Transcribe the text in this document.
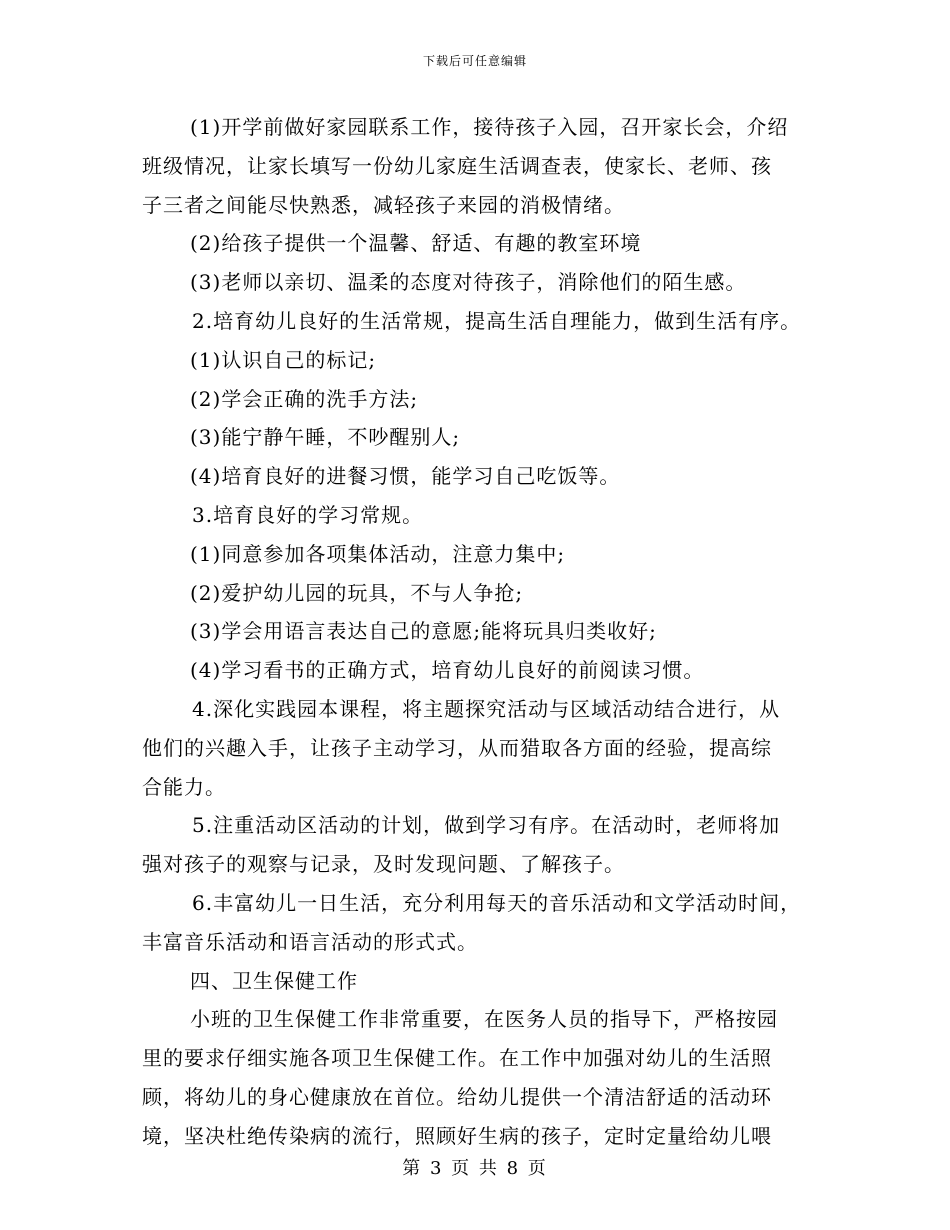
下载后可任意编辑
(1)开学前做好家园联系工作，接待孩子入园，召开家长会，介绍
班级情况，让家长填写一份幼儿家庭生活调查表，使家长、老师、孩
子三者之间能尽快熟悉，减轻孩子来园的消极情绪。
(2)给孩子提供一个温馨、舒适、有趣的教室环境
(3)老师以亲切、温柔的态度对待孩子，消除他们的陌生感。
2.培育幼儿良好的生活常规，提高生活自理能力，做到生活有序。
(1)认识自己的标记;
(2)学会正确的洗手方法;
(3)能宁静午睡，不吵醒别人;
(4)培育良好的进餐习惯，能学习自己吃饭等。
3.培育良好的学习常规。
(1)同意参加各项集体活动，注意力集中;
(2)爱护幼儿园的玩具，不与人争抢;
(3)学会用语言表达自己的意愿;能将玩具归类收好;
(4)学习看书的正确方式，培育幼儿良好的前阅读习惯。
4.深化实践园本课程，将主题探究活动与区域活动结合进行，从
他们的兴趣入手，让孩子主动学习，从而猎取各方面的经验，提高综
合能力。
5.注重活动区活动的计划，做到学习有序。在活动时，老师将加
强对孩子的观察与记录，及时发现问题、了解孩子。
6.丰富幼儿一日生活，充分利用每天的音乐活动和文学活动时间，
丰富音乐活动和语言活动的形式式。
四、卫生保健工作
小班的卫生保健工作非常重要，在医务人员的指导下，严格按园
里的要求仔细实施各项卫生保健工作。在工作中加强对幼儿的生活照
顾，将幼儿的身心健康放在首位。给幼儿提供一个清洁舒适的活动环
境，坚决杜绝传染病的流行，照顾好生病的孩子，定时定量给幼儿喂
第 3 页 共 8 页
